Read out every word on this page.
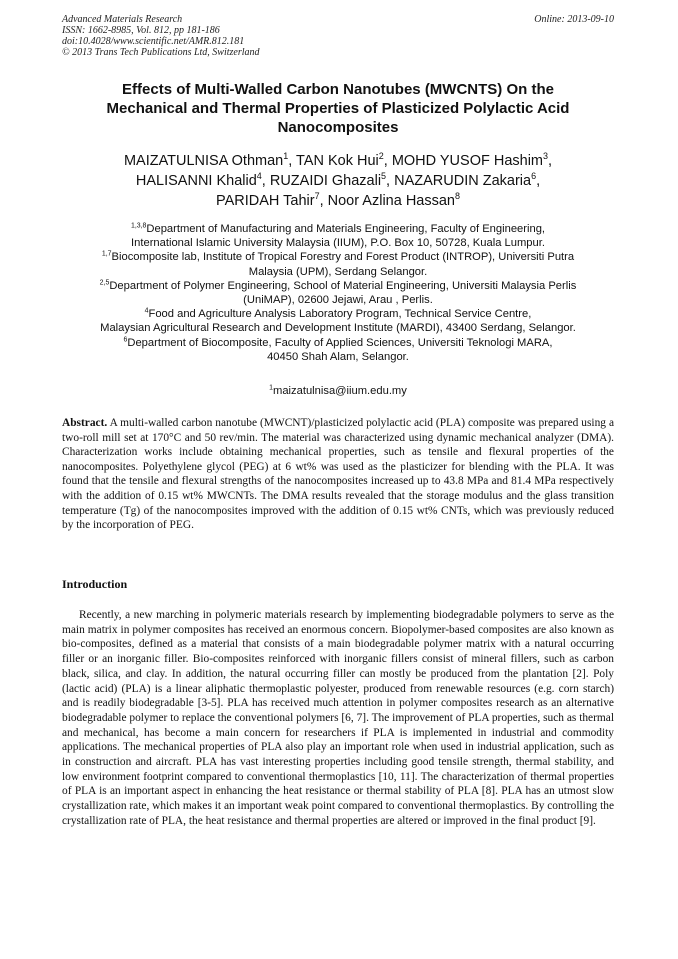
Advanced Materials Research
ISSN: 1662-8985, Vol. 812, pp 181-186
doi:10.4028/www.scientific.net/AMR.812.181
© 2013 Trans Tech Publications Ltd, Switzerland
Online: 2013-09-10
Effects of Multi-Walled Carbon Nanotubes (MWCNTS) On the
Mechanical and Thermal Properties of Plasticized Polylactic Acid
Nanocomposites
MAIZATULNISA Othman$^1$, TAN Kok Hui$^2$, MOHD YUSOF Hashim$^3$,
HALISANNI Khalid$^4$, RUZAIDI Ghazali$^5$, NAZARUDIN Zakaria$^6$,
PARIDAH Tahir$^7$, Noor Azlina Hassan$^8$
$^{1,3,8}$Department of Manufacturing and Materials Engineering, Faculty of Engineering,
International Islamic University Malaysia (IIUM), P.O. Box 10, 50728, Kuala Lumpur.
$^{1,7}$Biocomposite lab, Institute of Tropical Forestry and Forest Product (INTROP), Universiti Putra
Malaysia (UPM), Serdang Selangor.
$^{2,5}$Department of Polymer Engineering, School of Material Engineering, Universiti Malaysia Perlis
(UniMAP), 02600 Jejawi, Arau , Perlis.
$^4$Food and Agriculture Analysis Laboratory Program, Technical Service Centre,
Malaysian Agricultural Research and Development Institute (MARDI), 43400 Serdang, Selangor.
$^6$Department of Biocomposite, Faculty of Applied Sciences, Universiti Teknologi MARA,
40450 Shah Alam, Selangor.
$^1$maizatulnisa@iium.edu.my

Abstract. A multi-walled carbon nanotube (MWCNT)/plasticized polylactic acid (PLA) composite was prepared using a two-roll mill set at 170°C and 50 rev/min. The material was characterized using dynamic mechanical analyzer (DMA). Characterization works include obtaining mechanical properties, such as tensile and flexural properties of the nanocomposites. Polyethylene glycol (PEG) at 6 wt% was used as the plasticizer for blending with the PLA. It was found that the tensile and flexural strengths of the nanocomposites increased up to 43.8 MPa and 81.4 MPa respectively with the addition of 0.15 wt% MWCNTs. The DMA results revealed that the storage modulus and the glass transition temperature (Tg) of the nanocomposites improved with the addition of 0.15 wt% CNTs, which was previously reduced by the incorporation of PEG.

Introduction

Recently, a new marching in polymeric materials research by implementing biodegradable polymers to serve as the main matrix in polymer composites has received an enormous concern. Biopolymer-based composites are also known as bio-composites, defined as a material that consists of a main biodegradable polymer matrix with a natural occurring filler or an inorganic filler. Bio-composites reinforced with inorganic fillers consist of mineral fillers, such as carbon black, silica, and clay. In addition, the natural occurring filler can mostly be produced from the plantation [2]. Poly (lactic acid) (PLA) is a linear aliphatic thermoplastic polyester, produced from renewable resources (e.g. corn starch) and is readily biodegradable [3-5]. PLA has received much attention in polymer composites research as an alternative biodegradable polymer to replace the conventional polymers [6, 7]. The improvement of PLA properties, such as thermal and mechanical, has become a main concern for researchers if PLA is implemented in industrial and commodity applications. The mechanical properties of PLA also play an important role when used in industrial application, such as in construction and aircraft. PLA has vast interesting properties including good tensile strength, thermal stability, and low environment footprint compared to conventional thermoplastics [10, 11]. The characterization of thermal properties of PLA is an important aspect in enhancing the heat resistance or thermal stability of PLA [8]. PLA has an utmost slow crystallization rate, which makes it an important weak point compared to conventional thermoplastics. By controlling the crystallization rate of PLA, the heat resistance and thermal properties are altered or improved in the final product [9].
